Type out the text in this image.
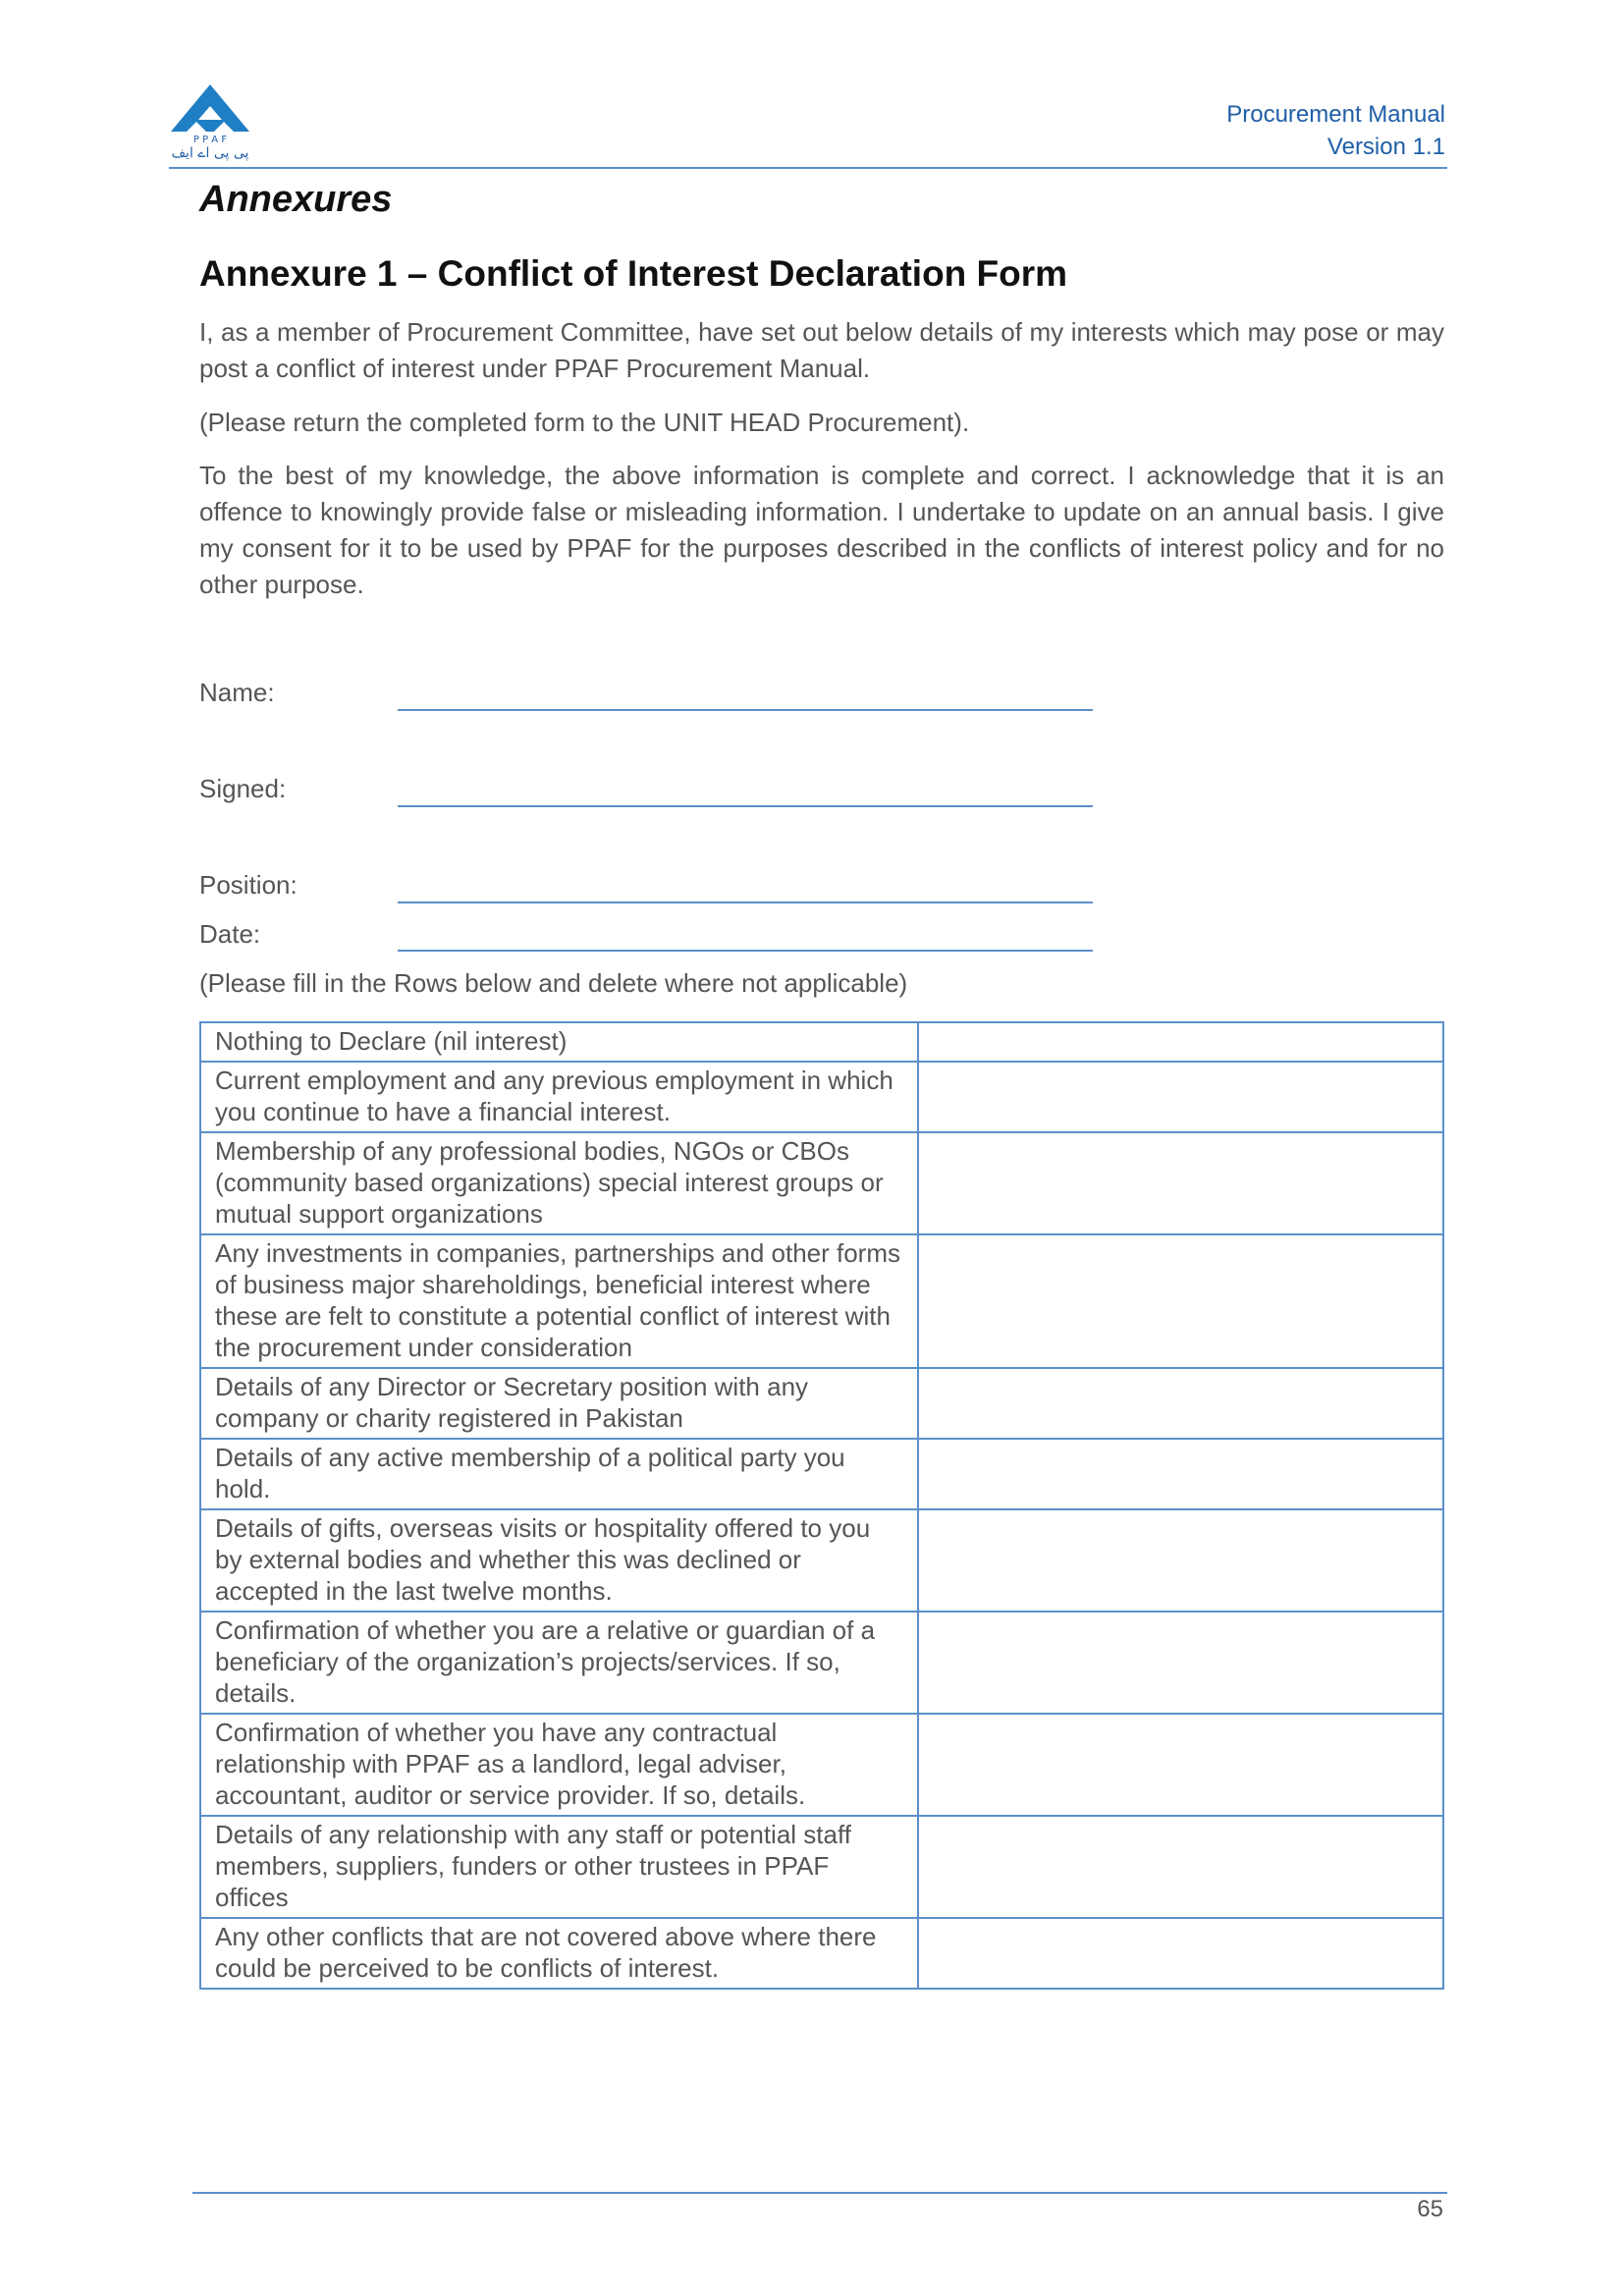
P P A F
پی پی اے ایف
Procurement Manual
Version 1.1
Annexures
Annexure 1 – Conflict of Interest Declaration Form

I, as a member of Procurement Committee, have set out below details of my interests which may pose or may post a conflict of interest under PPAF Procurement Manual.

(Please return the completed form to the UNIT HEAD Procurement).

To the best of my knowledge, the above information is complete and correct. I acknowledge that it is an offence to knowingly provide false or misleading information. I undertake to update on an annual basis. I give my consent for it to be used by PPAF for the purposes described in the conflicts of interest policy and for no other purpose.

Name:
Signed:
Position:
Date:
(Please fill in the Rows below and delete where not applicable)
Nothing to Declare (nil interest)	
Current employment and any previous employment in which you continue to have a financial interest.	
Membership of any professional bodies, NGOs or CBOs (community based organizations) special interest groups or mutual support organizations	
Any investments in companies, partnerships and other forms of business major shareholdings, beneficial interest where these are felt to constitute a potential conflict of interest with the procurement under consideration	
Details of any Director or Secretary position with any company or charity registered in Pakistan	
Details of any active membership of a political party you hold.	
Details of gifts, overseas visits or hospitality offered to you by external bodies and whether this was declined or accepted in the last twelve months.	
Confirmation of whether you are a relative or guardian of a beneficiary of the organization’s projects/services. If so, details.	
Confirmation of whether you have any contractual relationship with PPAF as a landlord, legal adviser, accountant, auditor or service provider. If so, details.	
Details of any relationship with any staff or potential staff members, suppliers, funders or other trustees in PPAF offices	
Any other conflicts that are not covered above where there could be perceived to be conflicts of interest.	
65
